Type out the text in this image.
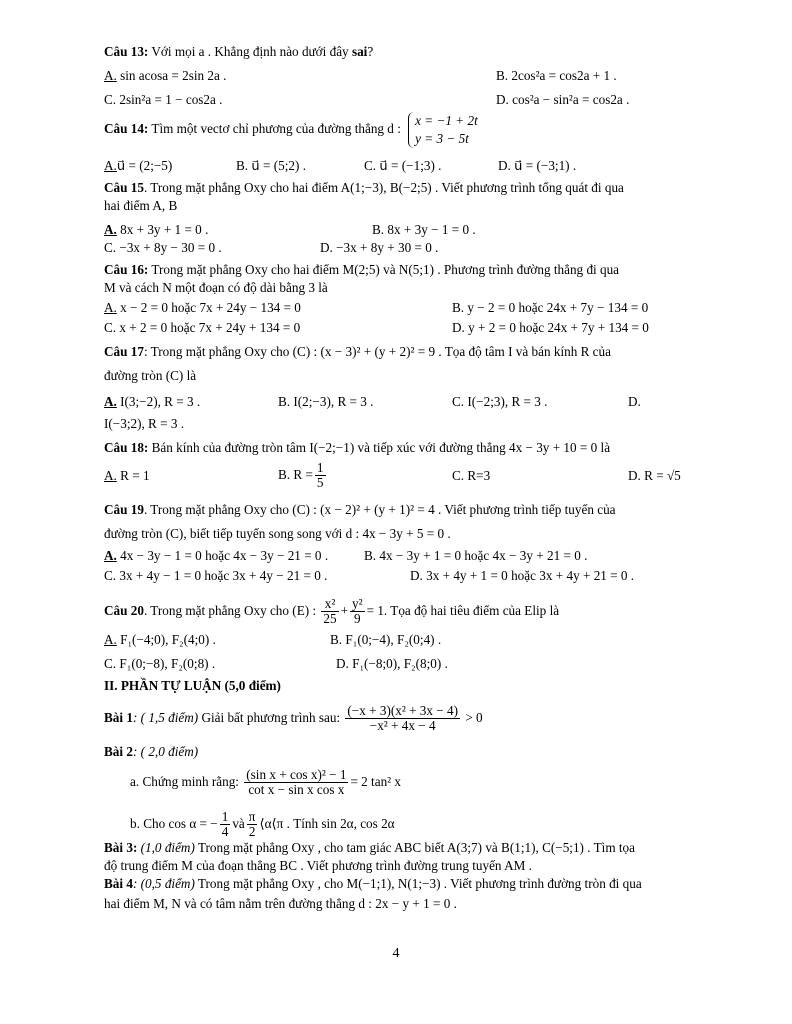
Câu 13: Với mọi a . Khẳng định nào dưới đây sai?
A. sin acosa = 2sin 2a .	B. 2cos²a = cos2a + 1 .
C. 2sin²a = 1 − cos2a .	D. cos²a − sin²a = cos2a .
Câu 14: Tìm một vectơ chỉ phương của đường thẳng d : x = −1 + 2t
y = 3 − 5t
A.u⃗ = (2;−5)	B. u⃗ = (5;2) .	C. u⃗ = (−1;3) .	D. u⃗ = (−3;1) .
Câu 15. Trong mặt phẳng Oxy cho hai điểm A(1;−3), B(−2;5) . Viết phương trình tổng quát đi qua
hai điểm A, B
A. 8x + 3y + 1 = 0 .	B. 8x + 3y − 1 = 0 .
C. −3x + 8y − 30 = 0 .	D. −3x + 8y + 30 = 0 .
Câu 16: Trong mặt phẳng Oxy cho hai điểm M(2;5) và N(5;1) . Phương trình đường thẳng đi qua
M và cách N một đoạn có độ dài bằng 3 là
A. x − 2 = 0 hoặc 7x + 24y − 134 = 0	B. y − 2 = 0 hoặc 24x + 7y − 134 = 0
C. x + 2 = 0 hoặc 7x + 24y + 134 = 0	D. y + 2 = 0 hoặc 24x + 7y + 134 = 0
Câu 17: Trong mặt phẳng Oxy cho (C) : (x − 3)² + (y + 2)² = 9 . Tọa độ tâm I và bán kính R của
đường tròn (C) là
A. I(3;−2), R = 3 .	B. I(2;−3), R = 3 .	C. I(−2;3), R = 3 .	D.
I(−3;2), R = 3 .
Câu 18: Bán kính của đường tròn tâm I(−2;−1) và tiếp xúc với đường thẳng 4x − 3y + 10 = 0 là
A. R = 1	B. $R = \frac{1}{5}$	C. R=3	D. R = √5
Câu 19. Trong mặt phẳng Oxy cho (C) : (x − 2)² + (y + 1)² = 4 . Viết phương trình tiếp tuyến của
đường tròn (C), biết tiếp tuyến song song với d : 4x − 3y + 5 = 0 .
A. 4x − 3y − 1 = 0 hoặc 4x − 3y − 21 = 0 .	B. 4x − 3y + 1 = 0 hoặc 4x − 3y + 21 = 0 .
C. 3x + 4y − 1 = 0 hoặc 3x + 4y − 21 = 0 .	D. 3x + 4y + 1 = 0 hoặc 3x + 4y + 21 = 0 .
Câu 20. Trong mặt phẳng Oxy cho (E) : $\frac{\text{x²}}{25} + \frac{\text{y²}}{9} = 1$. Tọa độ hai tiêu điểm của Elip là
A. F₁(−4;0), F₂(4;0) .	B. F₁(0;−4), F₂(0;4) .
C. F₁(0;−8), F₂(0;8) .	D. F₁(−8;0), F₂(8;0) .
II. PHẦN TỰ LUẬN (5,0 điểm)
Bài 1: ( 1,5 điểm) Giải bất phương trình sau: $\frac{\text{(−x + 3)(x² + 3x − 4)}}{\text{−x² + 4x − 4}} > 0$
Bài 2: ( 2,0 điểm)
a. Chứng minh rằng: $\frac{\text{(sin x + cos x)² − 1}}{\text{cot x − sin x cos x}} = 2$ tan² x
b. Cho cos α = − $\frac{1}{4}$ và $\frac{\pi}{2}$ ⟨α⟨π . Tính sin 2α, cos 2α
Bài 3: (1,0 điểm) Trong mặt phẳng Oxy , cho tam giác ABC biết A(3;7) và B(1;1), C(−5;1) . Tìm tọa
độ trung điểm M của đoạn thẳng BC . Viết phương trình đường trung tuyến AM .
Bài 4: (0,5 điểm) Trong mặt phẳng Oxy , cho M(−1;1), N(1;−3) . Viết phương trình đường tròn đi qua
hai điểm M, N và có tâm nằm trên đường thẳng d : 2x − y + 1 = 0 .
4
